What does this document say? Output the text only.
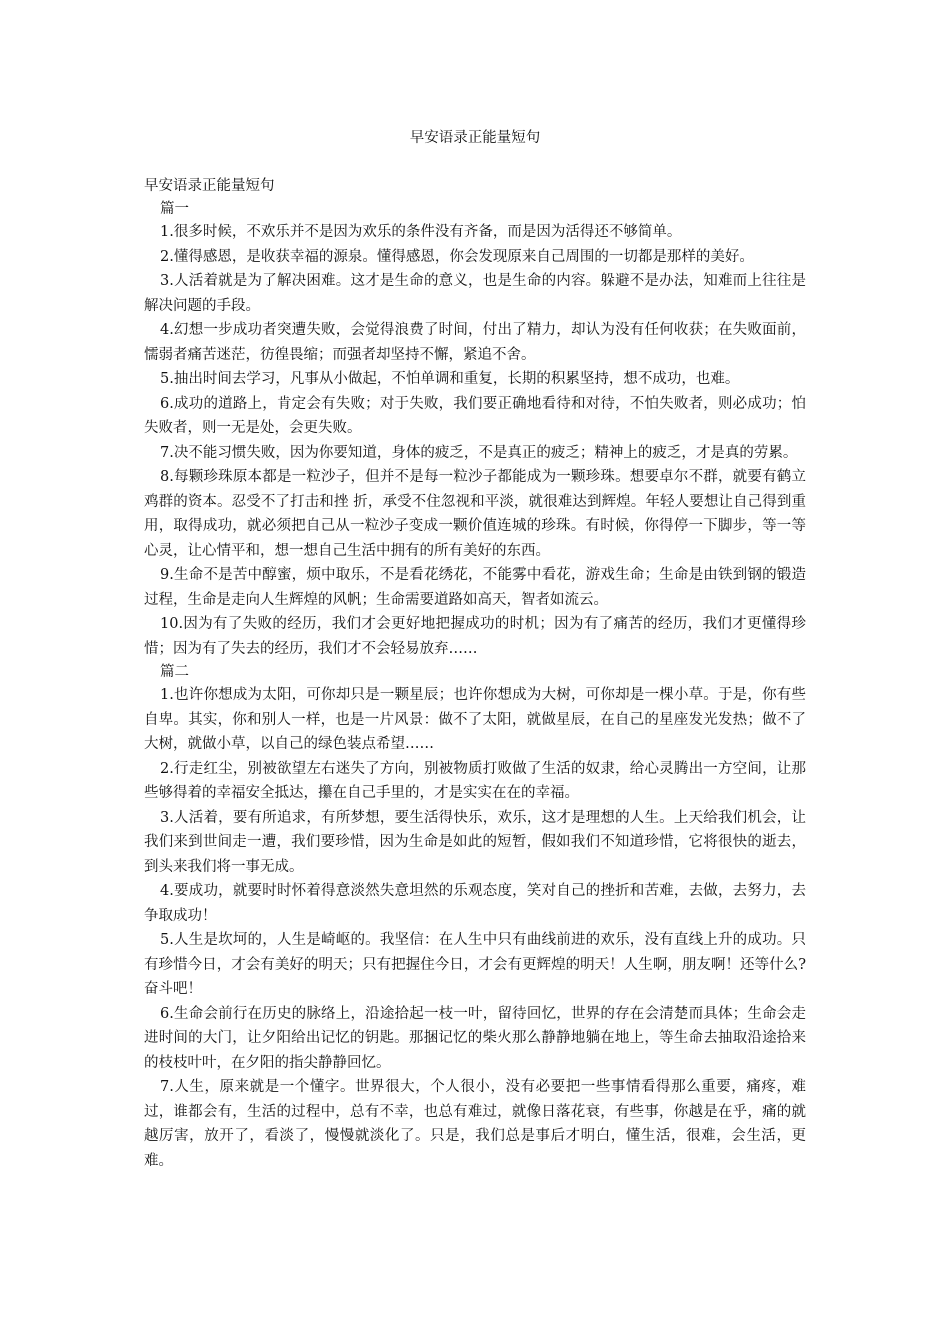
早安语录正能量短句
早安语录正能量短句
篇一

1.很多时候，不欢乐并不是因为欢乐的条件没有齐备，而是因为活得还不够简单。

2.懂得感恩，是收获幸福的源泉。懂得感恩，你会发现原来自己周围的一切都是那样的美好。

3.人活着就是为了解决困难。这才是生命的意义，也是生命的内容。躲避不是办法，知难而上往往是解决问题的手段。

4.幻想一步成功者突遭失败，会觉得浪费了时间，付出了精力，却认为没有任何收获；在失败面前，懦弱者痛苦迷茫，彷徨畏缩；而强者却坚持不懈，紧追不舍。

5.抽出时间去学习，凡事从小做起，不怕单调和重复，长期的积累坚持，想不成功，也难。

6.成功的道路上，肯定会有失败；对于失败，我们要正确地看待和对待，不怕失败者，则必成功；怕失败者，则一无是处，会更失败。

7.决不能习惯失败，因为你要知道，身体的疲乏，不是真正的疲乏；精神上的疲乏，才是真的劳累。

8.每颗珍珠原本都是一粒沙子，但并不是每一粒沙子都能成为一颗珍珠。想要卓尔不群，就要有鹤立鸡群的资本。忍受不了打击和挫 折，承受不住忽视和平淡，就很难达到辉煌。年轻人要想让自己得到重用，取得成功，就必须把自己从一粒沙子变成一颗价值连城的珍珠。有时候，你得停一下脚步，等一等心灵，让心情平和，想一想自己生活中拥有的所有美好的东西。

9.生命不是苦中醇蜜，烦中取乐，不是看花绣花，不能雾中看花，游戏生命；生命是由铁到钢的锻造过程，生命是走向人生辉煌的风帆；生命需要道路如高天，智者如流云。

10.因为有了失败的经历，我们才会更好地把握成功的时机；因为有了痛苦的经历，我们才更懂得珍惜；因为有了失去的经历，我们才不会轻易放弃……

篇二

1.也许你想成为太阳，可你却只是一颗星辰；也许你想成为大树，可你却是一棵小草。于是，你有些自卑。其实，你和别人一样，也是一片风景：做不了太阳，就做星辰，在自己的星座发光发热；做不了大树，就做小草，以自己的绿色装点希望……

2.行走红尘，别被欲望左右迷失了方向，别被物质打败做了生活的奴隶，给心灵腾出一方空间，让那些够得着的幸福安全抵达，攥在自己手里的，才是实实在在的幸福。

3.人活着，要有所追求，有所梦想，要生活得快乐，欢乐，这才是理想的人生。上天给我们机会，让我们来到世间走一遭，我们要珍惜，因为生命是如此的短暂，假如我们不知道珍惜，它将很快的逝去，到头来我们将一事无成。

4.要成功，就要时时怀着得意淡然失意坦然的乐观态度，笑对自己的挫折和苦难，去做，去努力，去争取成功！

5.人生是坎坷的，人生是崎岖的。我坚信：在人生中只有曲线前进的欢乐，没有直线上升的成功。只有珍惜今日，才会有美好的明天；只有把握住今日，才会有更辉煌的明天！人生啊，朋友啊！还等什么?奋斗吧！

6.生命会前行在历史的脉络上，沿途拾起一枝一叶，留待回忆，世界的存在会清楚而具体；生命会走进时间的大门，让夕阳给出记忆的钥匙。那捆记忆的柴火那么静静地躺在地上，等生命去抽取沿途拾来的枝枝叶叶，在夕阳的指尖静静回忆。

7.人生，原来就是一个懂字。世界很大，个人很小，没有必要把一些事情看得那么重要，痛疼，难过，谁都会有，生活的过程中，总有不幸，也总有难过，就像日落花衰，有些事，你越是在乎，痛的就越厉害，放开了，看淡了，慢慢就淡化了。只是，我们总是事后才明白，懂生活，很难，会生活，更难。
